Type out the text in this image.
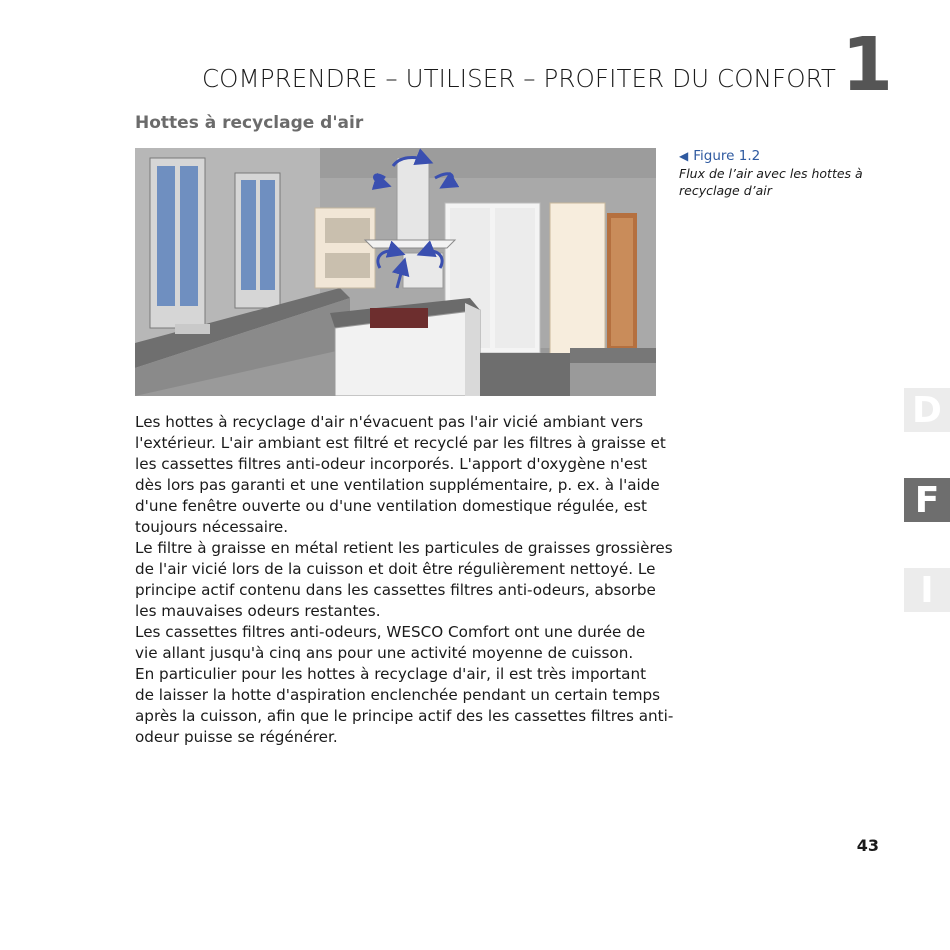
COMPRENDRE – UTILISER – PROFITER DU CONFORT 1
Hottes à recyclage d'air
◀ Figure 1.2
Flux de l’air avec les hottes à
recyclage d’air
Les hottes à recyclage d'air n'évacuent pas l'air vicié ambiant vers
l'extérieur. L'air ambiant est filtré et recyclé par les filtres à graisse et
les cassettes filtres anti-odeur incorporés. L'apport d'oxygène n'est
dès lors pas garanti et une ventilation supplémentaire, p. ex. à l'aide
d'une fenêtre ouverte ou d'une ventilation domestique régulée, est
toujours nécessaire.
Le filtre à graisse en métal retient les particules de graisses grossières
de l'air vicié lors de la cuisson et doit être régulièrement nettoyé. Le
principe actif contenu dans les cassettes filtres anti-odeurs, absorbe
les mauvaises odeurs restantes.
Les cassettes filtres anti-odeurs, WESCO Comfort ont une durée de
vie allant jusqu'à cinq ans pour une activité moyenne de cuisson.
En particulier pour les hottes à recyclage d'air, il est très important
de laisser la hotte d'aspiration enclenchée pendant un certain temps
après la cuisson, afin que le principe actif des les cassettes filtres anti-
odeur puisse se régénérer.
D
F
I
43
